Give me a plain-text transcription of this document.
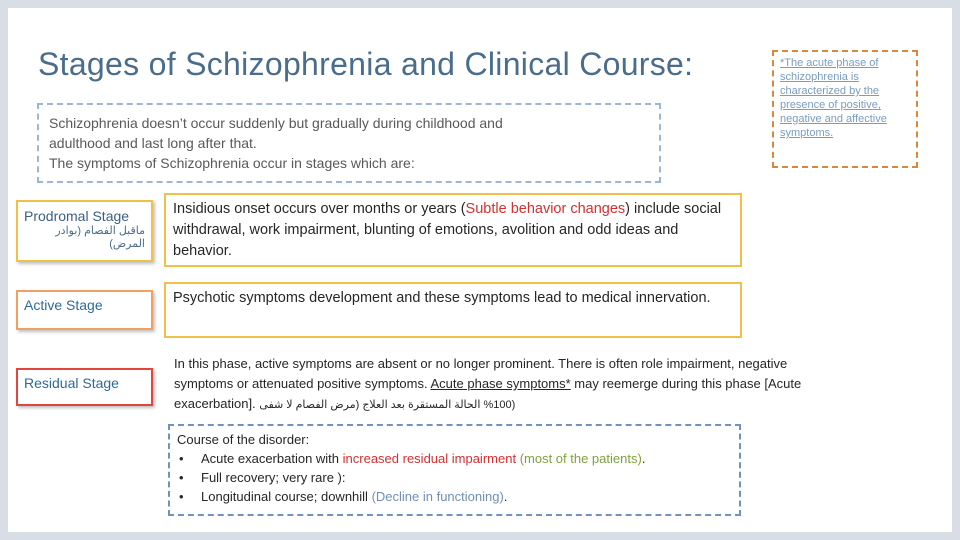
Stages of Schizophrenia and Clinical Course:	*The acute phase of schizophrenia is characterized by the presence of positive, negative and affective symptoms.
Schizophrenia doesn’t occur suddenly but gradually during childhood and
adulthood and last long after that.
The symptoms of Schizophrenia occur in stages which are:
Prodromal Stage
ماقبل الفصام (بوادر المرض)
Insidious onset occurs over months or years (Subtle behavior changes) include social withdrawal, work impairment, blunting of emotions, avolition and odd ideas and behavior.
Active Stage	Psychotic symptoms development and these symptoms lead to medical innervation.
Residual Stage
In this phase, active symptoms are absent or no longer prominent. There is often role impairment, negative symptoms or attenuated positive symptoms. Acute phase symptoms* may reemerge during this phase [Acute exacerbation]. (%100 الحالة المستقرة بعد العلاج (مرض الفصام لا شفى
Course of the disorder:
•	Acute exacerbation with increased residual impairment (most of the patients).
•	Full recovery; very rare ):
•	Longitudinal course; downhill (Decline in functioning).
